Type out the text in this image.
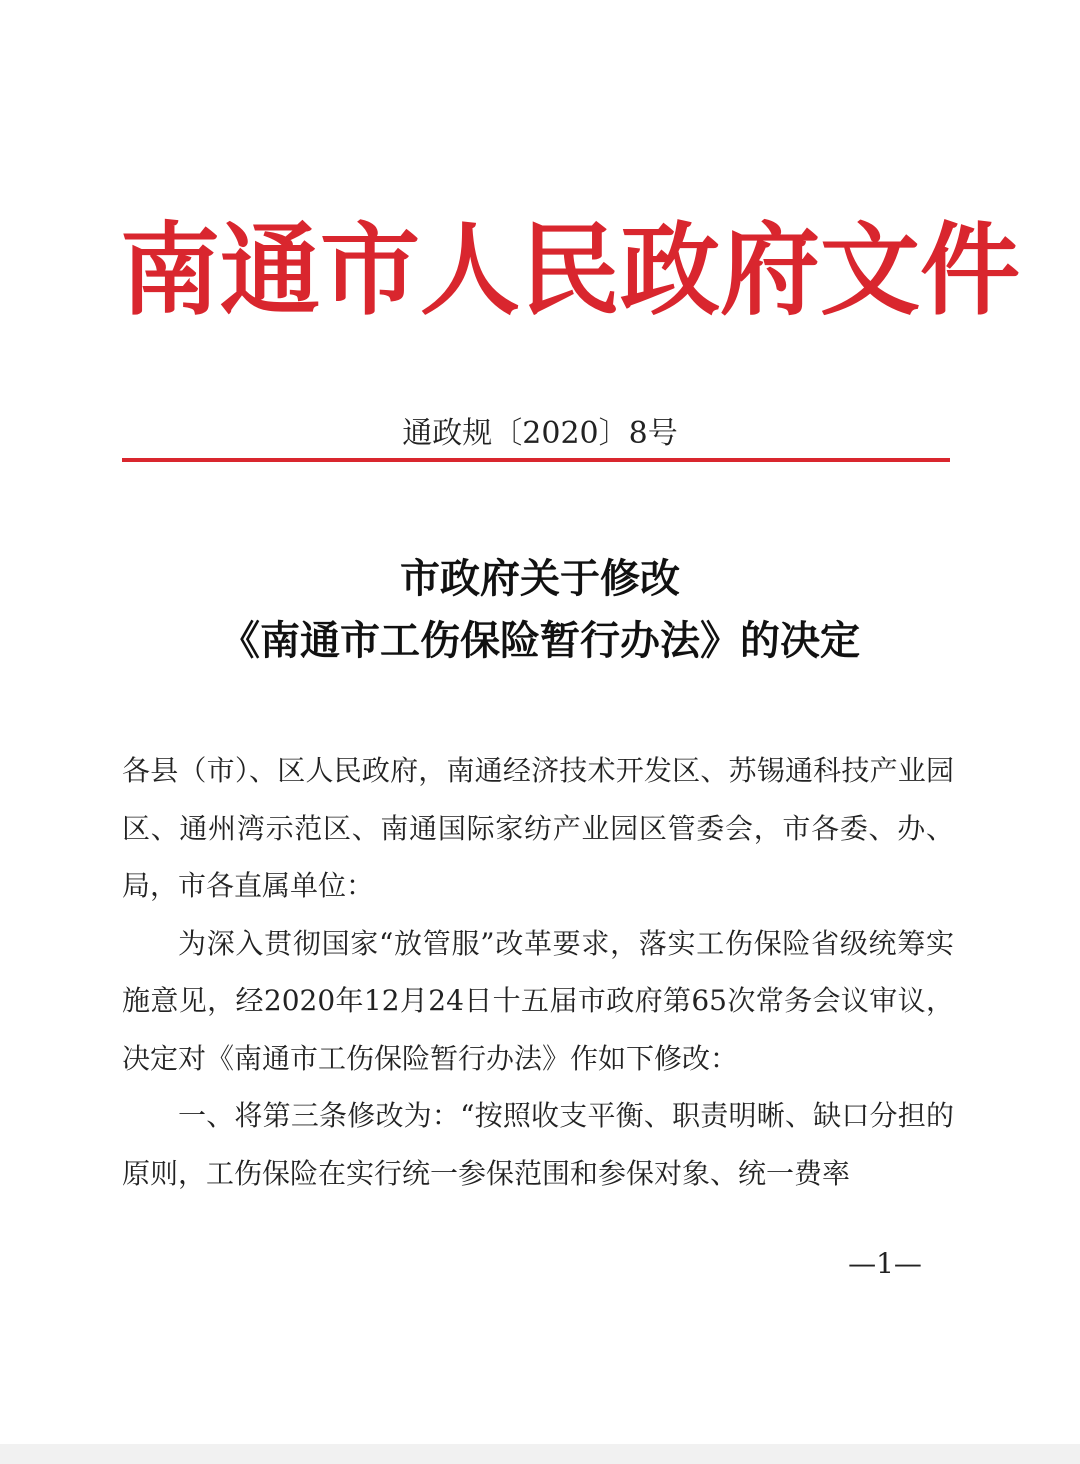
南通市人民政府文件
通政规〔2020〕8号
市政府关于修改
《南通市工伤保险暂行办法》的决定

各县（市）、区人民政府，南通经济技术开发区、苏锡通科技产业园区、通州湾示范区、南通国际家纺产业园区管委会，市各委、办、局，市各直属单位：

为深入贯彻国家“放管服”改革要求，落实工伤保险省级统筹实施意见，经2020年12月24日十五届市政府第65次常务会议审议，决定对《南通市工伤保险暂行办法》作如下修改：

一、将第三条修改为：“按照收支平衡、职责明晰、缺口分担的原则，工伤保险在实行统一参保范围和参保对象、统一费率

—1—
